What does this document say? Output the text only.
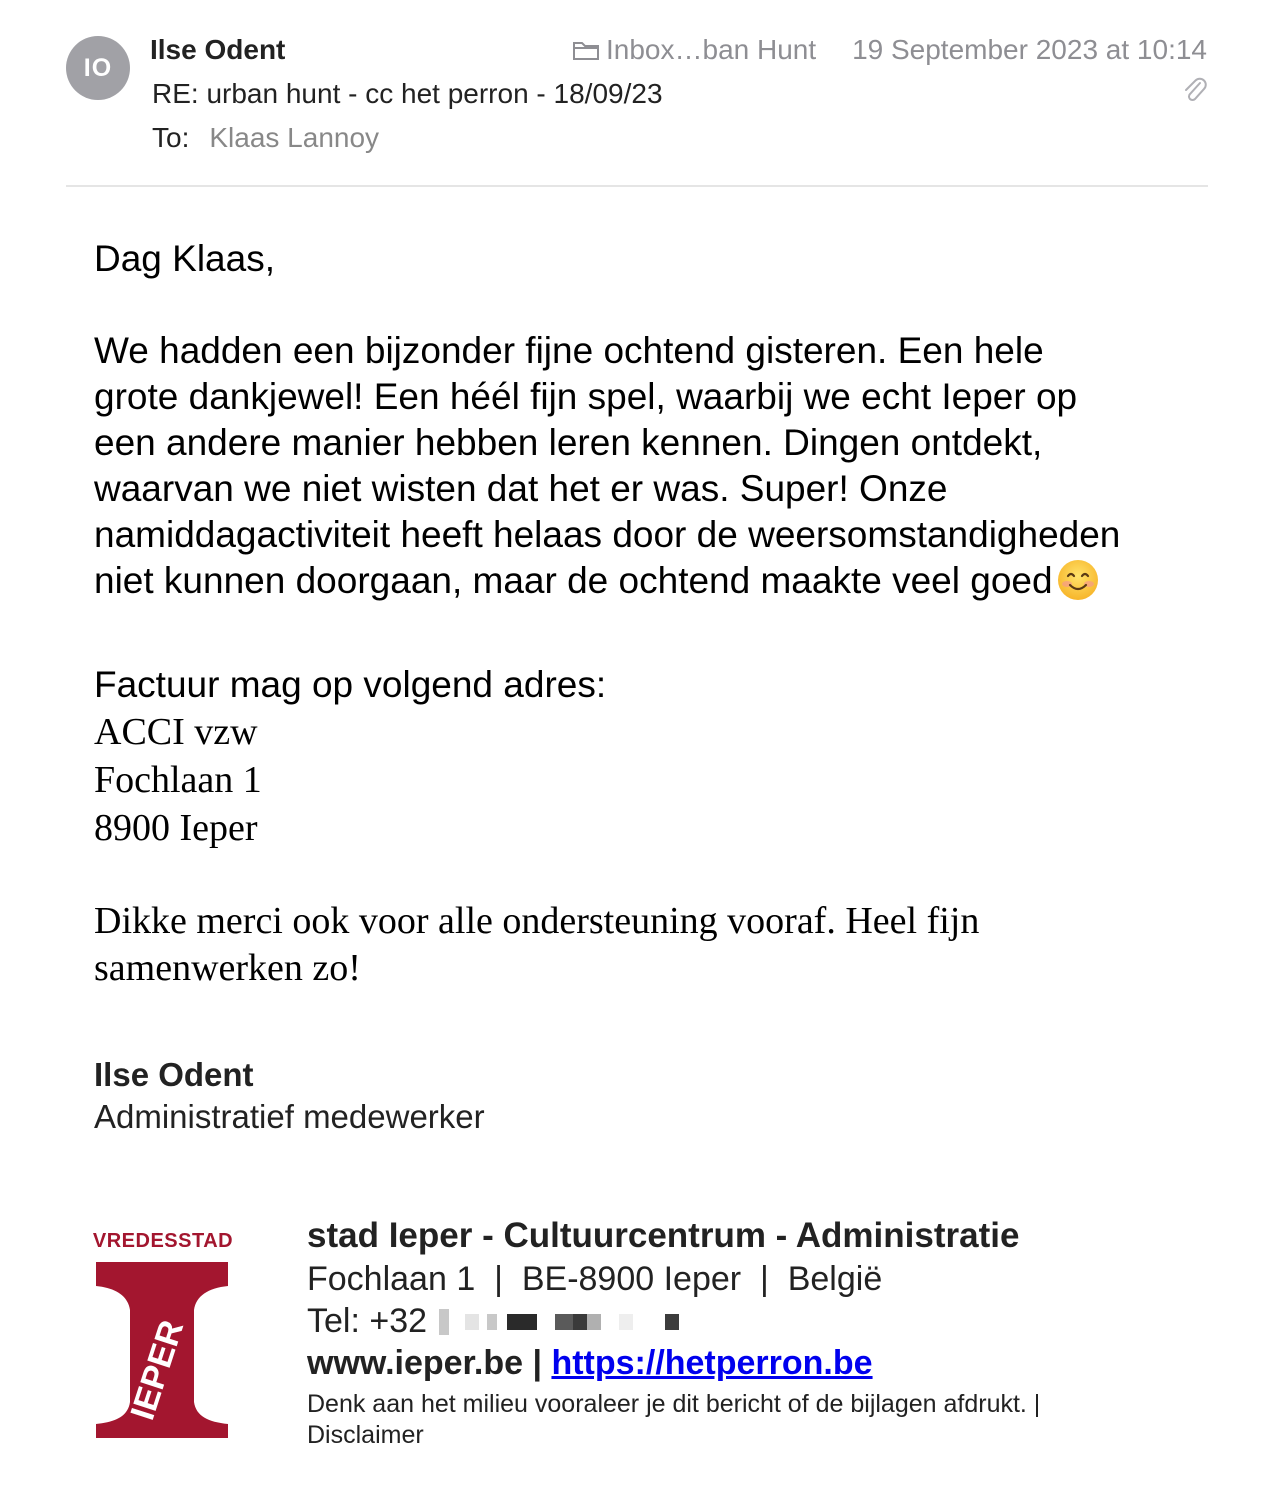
IO
Ilse Odent
RE: urban hunt - cc het perron - 18/09/23
To: Klaas Lannoy
Inbox…ban Hunt 19 September 2023 at 10:14
Dag Klaas,
We hadden een bijzonder fijne ochtend gisteren. Een hele
grote dankjewel! Een héél fijn spel, waarbij we echt Ieper op
een andere manier hebben leren kennen. Dingen ontdekt,
waarvan we niet wisten dat het er was. Super! Onze
namiddagactiviteit heeft helaas door de weersomstandigheden
niet kunnen doorgaan, maar de ochtend maakte veel goed
Factuur mag op volgend adres:
ACCI vzw
Fochlaan 1
8900 Ieper
Dikke merci ook voor alle ondersteuning vooraf. Heel fijn samenwerken zo!
Ilse Odent
Administratief medewerker
VREDESSTAD
IEPER
stad Ieper - Cultuurcentrum - Administratie
Fochlaan 1  |  BE-8900 Ieper  |  België
Tel: +32
www.ieper.be | https://hetperron.be
Denk aan het milieu vooraleer je dit bericht of de bijlagen afdrukt. | Disclaimer
